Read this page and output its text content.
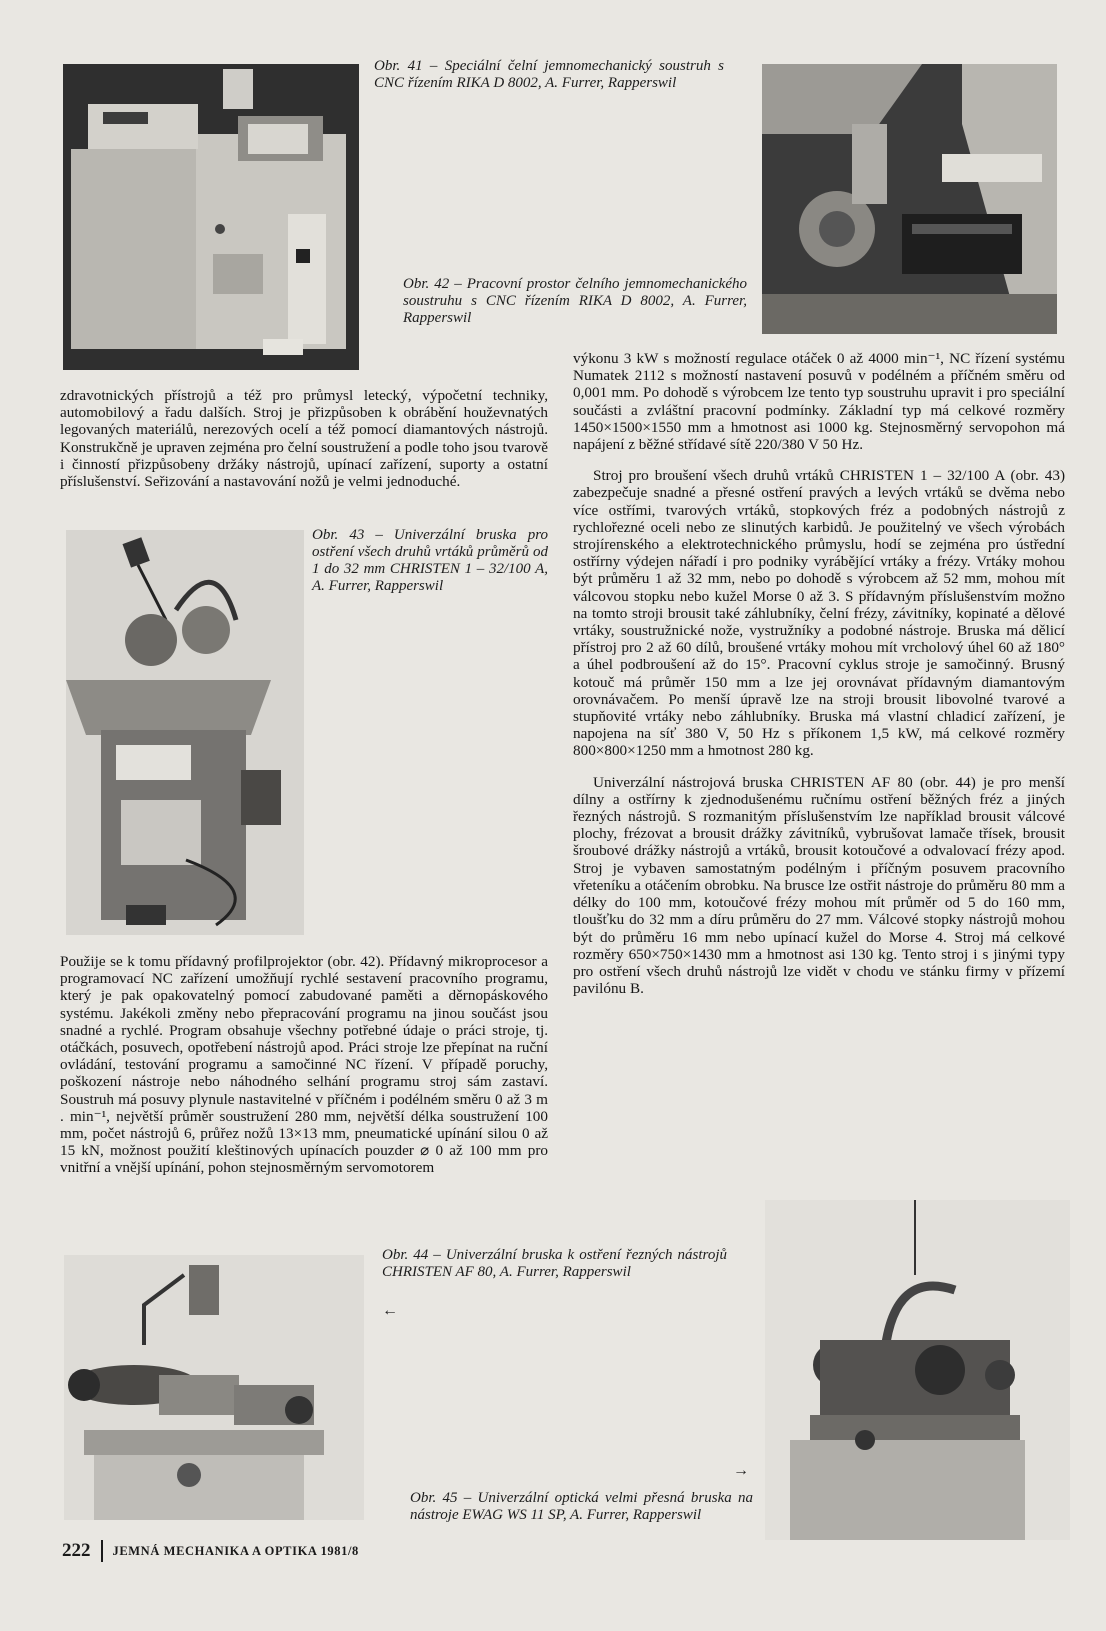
Obr. 41 – Speciální čelní jemnomechanický soustruh s CNC řízením RIKA D 8002, A. Furrer, Rapperswil
Obr. 42 – Pracovní prostor čelního jemnomechanického soustruhu s CNC řízením RIKA D 8002, A. Furrer, Rapperswil

zdravotnických přístrojů a též pro průmysl letecký, výpočetní techniky, automobilový a řadu dalších. Stroj je přizpůsoben k obrábění houževnatých legovaných materiálů, nerezových ocelí a též pomocí diamantových nástrojů. Konstrukčně je upraven zejména pro čelní soustružení a podle toho jsou tvarově i činností přizpůsobeny držáky nástrojů, upínací zařízení, suporty a ostatní příslušenství. Seřizování a nastavování nožů je velmi jednoduché.

Obr. 43 – Univerzální bruska pro ostření všech druhů vrtáků průměrů od 1 do 32 mm CHRISTEN 1 – 32/100 A, A. Furrer, Rapperswil

Použije se k tomu přídavný profilprojektor (obr. 42). Přídavný mikroprocesor a programovací NC zařízení umožňují rychlé sestavení pracovního programu, který je pak opakovatelný pomocí zabudované paměti a děrnopáskového systému. Jakékoli změny nebo přepracování programu na jinou součást jsou snadné a rychlé. Program obsahuje všechny potřebné údaje o práci stroje, tj. otáčkách, posuvech, opotřebení nástrojů apod. Práci stroje lze přepínat na ruční ovládání, testování programu a samočinné NC řízení. V případě poruchy, poškození nástroje nebo náhodného selhání programu stroj sám zastaví. Soustruh má posuvy plynule nastavitelné v příčném i podélném směru 0 až 3 m . min⁻¹, největší průměr soustružení 280 mm, největší délka soustružení 100 mm, počet nástrojů 6, průřez nožů 13×13 mm, pneumatické upínání silou 0 až 15 kN, možnost použití kleštinových upínacích pouzder ⌀ 0 až 100 mm pro vnitřní a vnější upínání, pohon stejnosměrným servomotorem

výkonu 3 kW s možností regulace otáček 0 až 4000 min⁻¹, NC řízení systému Numatek 2112 s možností nastavení posuvů v podélném a příčném směru od 0,001 mm. Po dohodě s výrobcem lze tento typ soustruhu upravit i pro speciální součásti a zvláštní pracovní podmínky. Základní typ má celkové rozměry 1450×1500×1550 mm a hmotnost asi 1000 kg. Stejnosměrný servopohon má napájení z běžné střídavé sítě 220/380 V 50 Hz.

Stroj pro broušení všech druhů vrtáků CHRISTEN 1 – 32/100 A (obr. 43) zabezpečuje snadné a přesné ostření pravých a levých vrtáků se dvěma nebo více ostřími, tvarových vrtáků, stopkových fréz a podobných nástrojů z rychlořezné oceli nebo ze slinutých karbidů. Je použitelný ve všech výrobách strojírenského a elektrotechnického průmyslu, hodí se zejména pro ústřední ostřírny výdejen nářadí i pro podniky vyrábějící vrtáky a frézy. Vrtáky mohou být průměru 1 až 32 mm, nebo po dohodě s výrobcem až 52 mm, mohou mít válcovou stopku nebo kužel Morse 0 až 3. S přídavným příslušenstvím možno na tomto stroji brousit také záhlubníky, čelní frézy, závitníky, kopinaté a dělové vrtáky, soustružnické nože, vystružníky a podobné nástroje. Bruska má dělicí přístroj pro 2 až 60 dílů, broušené vrtáky mohou mít vrcholový úhel 60 až 180° a úhel podbroušení až do 15°. Pracovní cyklus stroje je samočinný. Brusný kotouč má průměr 150 mm a lze jej orovnávat přídavným diamantovým orovnávačem. Po menší úpravě lze na stroji brousit libovolné tvarové a stupňovité vrtáky nebo záhlubníky. Bruska má vlastní chladicí zařízení, je napojena na síť 380 V, 50 Hz s příkonem 1,5 kW, má celkové rozměry 800×800×1250 mm a hmotnost 280 kg.

Univerzální nástrojová bruska CHRISTEN AF 80 (obr. 44) je pro menší dílny a ostřírny k zjednodušenému ručnímu ostření běžných fréz a jiných řezných nástrojů. S rozmanitým příslušenstvím lze například brousit válcové plochy, frézovat a brousit drážky závitníků, vybrušovat lamače třísek, brousit šroubové drážky nástrojů a vrtáků, brousit kotoučové a odvalovací frézy apod. Stroj je vybaven samostatným podélným i příčným posuvem pracovního vřeteníku a otáčením obrobku. Na brusce lze ostřit nástroje do průměru 80 mm a délky do 100 mm, kotoučové frézy mohou mít průměr od 5 do 160 mm, tloušťku do 32 mm a díru průměru do 27 mm. Válcové stopky nástrojů mohou být do průměru 16 mm nebo upínací kužel do Morse 4. Stroj má celkové rozměry 650×750×1430 mm a hmotnost asi 130 kg. Tento stroj i s jinými typy pro ostření všech druhů nástrojů lze vidět v chodu ve stánku firmy v přízemí pavilónu B.

Obr. 44 – Univerzální bruska k ostření řezných nástrojů CHRISTEN AF 80, A. Furrer, Rapperswil
←
→
Obr. 45 – Univerzální optická velmi přesná bruska na nástroje EWAG WS 11 SP, A. Furrer, Rapperswil
222 JEMNÁ MECHANIKA A OPTIKA 1981/8
